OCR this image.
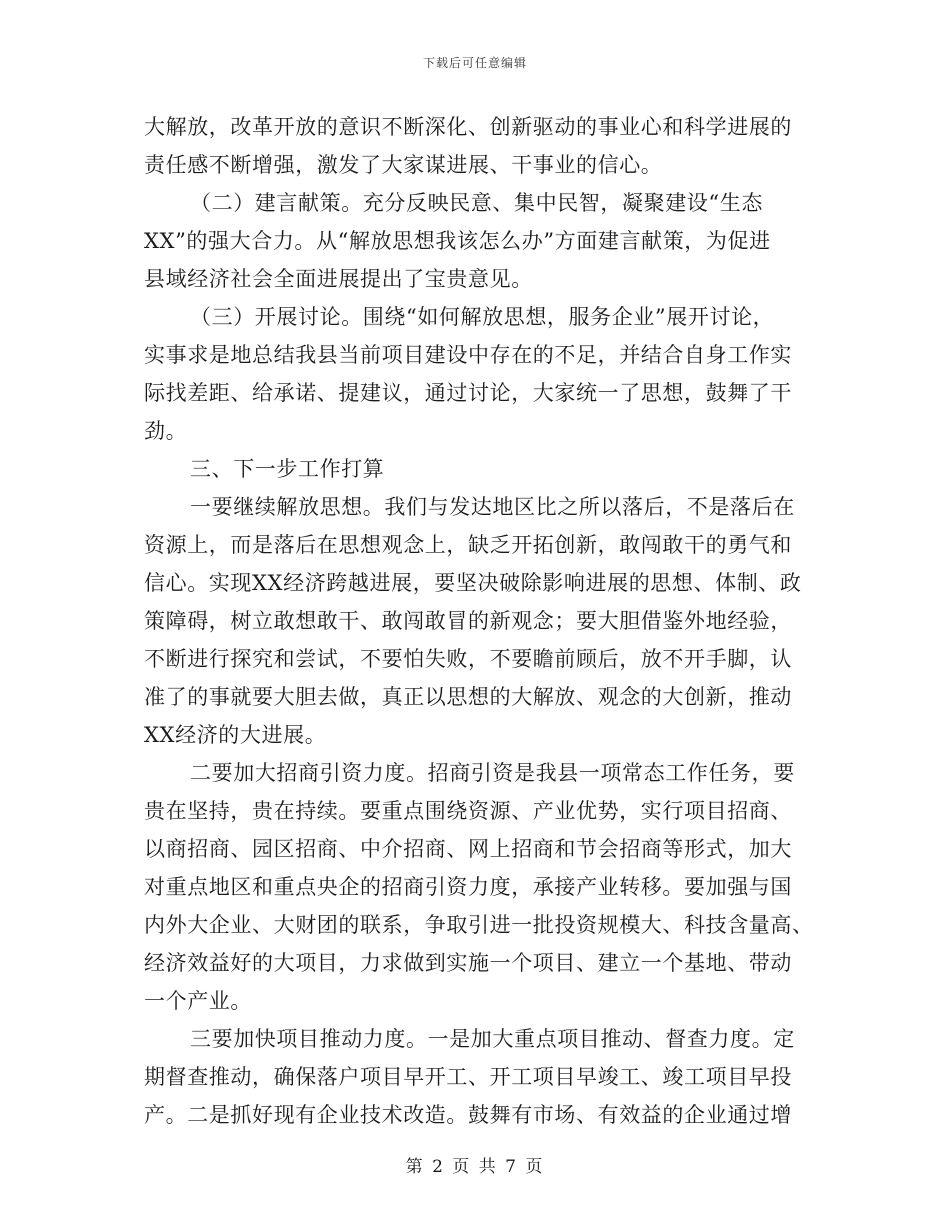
下载后可任意编辑
大解放，改革开放的意识不断深化、创新驱动的事业心和科学进展的
责任感不断增强，激发了大家谋进展、干事业的信心。
（二）建言献策。充分反映民意、集中民智，凝聚建设“生态
XX”的强大合力。从“解放思想我该怎么办”方面建言献策，为促进
县域经济社会全面进展提出了宝贵意见。
（三）开展讨论。围绕“如何解放思想，服务企业”展开讨论，
实事求是地总结我县当前项目建设中存在的不足，并结合自身工作实
际找差距、给承诺、提建议，通过讨论，大家统一了思想，鼓舞了干
劲。
三、下一步工作打算
一要继续解放思想。我们与发达地区比之所以落后，不是落后在
资源上，而是落后在思想观念上，缺乏开拓创新，敢闯敢干的勇气和
信心。实现XX经济跨越进展，要坚决破除影响进展的思想、体制、政
策障碍，树立敢想敢干、敢闯敢冒的新观念；要大胆借鉴外地经验，
不断进行探究和尝试，不要怕失败，不要瞻前顾后，放不开手脚，认
准了的事就要大胆去做，真正以思想的大解放、观念的大创新，推动
XX经济的大进展。
二要加大招商引资力度。招商引资是我县一项常态工作任务，要
贵在坚持，贵在持续。要重点围绕资源、产业优势，实行项目招商、
以商招商、园区招商、中介招商、网上招商和节会招商等形式，加大
对重点地区和重点央企的招商引资力度，承接产业转移。要加强与国
内外大企业、大财团的联系，争取引进一批投资规模大、科技含量高、
经济效益好的大项目，力求做到实施一个项目、建立一个基地、带动
一个产业。
三要加快项目推动力度。一是加大重点项目推动、督查力度。定
期督查推动，确保落户项目早开工、开工项目早竣工、竣工项目早投
产。二是抓好现有企业技术改造。鼓舞有市场、有效益的企业通过增
第 2 页 共 7 页
